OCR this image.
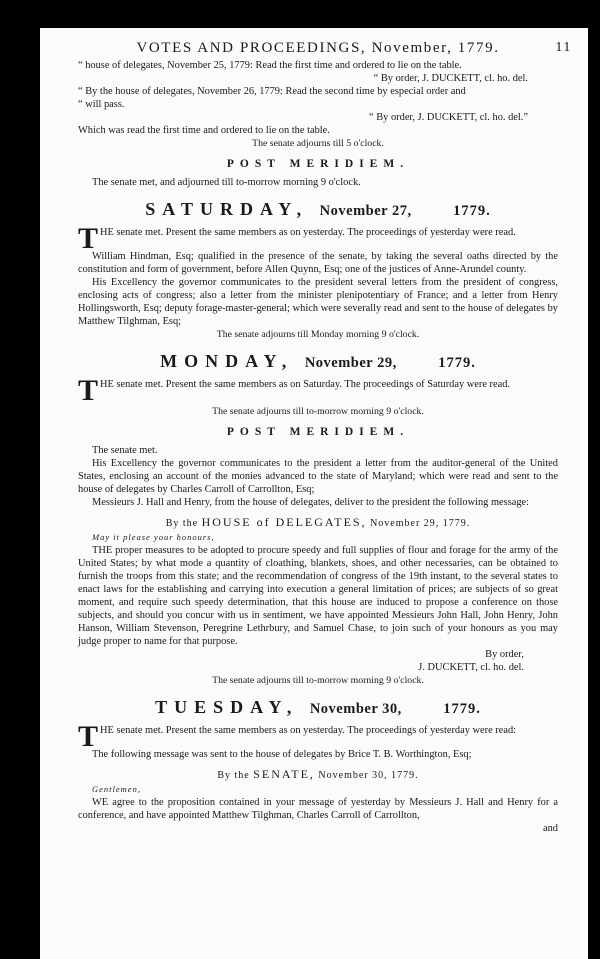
VOTES AND PROCEEDINGS, November, 1779.	11

“ house of delegates, November 25, 1779: Read the first time and ordered to lie on the table.

“ By order, J. DUCKETT, cl. ho. del.

“ By the house of delegates, November 26, 1779: Read the second time by especial order and

“ will pass.

“ By order, J. DUCKETT, cl. ho. del.”

Which was read the first time and ordered to lie on the table.

The senate adjourns till 5 o'clock.

POST MERIDIEM.

The senate met, and adjourned till to-morrow morning 9 o'clock.

SATURDAY, November 27,	1779.

THE senate met. Present the same members as on yesterday. The proceedings of yesterday were read.

William Hindman, Esq; qualified in the presence of the senate, by taking the several oaths directed by the constitution and form of government, before Allen Quynn, Esq; one of the justices of Anne-Arundel county.

His Excellency the governor communicates to the president several letters from the president of congress, enclosing acts of congress; also a letter from the minister plenipotentiary of France; and a letter from Henry Hollingsworth, Esq; deputy forage-master-general; which were severally read and sent to the house of delegates by Matthew Tilghman, Esq;

The senate adjourns till Monday morning 9 o'clock.

MONDAY, November 29,	1779.

THE senate met. Present the same members as on Saturday. The proceedings of Saturday were read.

The senate adjourns till to-morrow morning 9 o'clock.

POST MERIDIEM.

The senate met.

His Excellency the governor communicates to the president a letter from the auditor-general of the United States, enclosing an account of the monies advanced to the state of Maryland; which were read and sent to the house of delegates by Charles Carroll of Carrollton, Esq;

Messieurs J. Hall and Henry, from the house of delegates, deliver to the president the following message:

By the HOUSE of DELEGATES, November 29, 1779.

May it please your honours,

THE proper measures to be adopted to procure speedy and full supplies of flour and forage for the army of the United States; by what mode a quantity of cloathing, blankets, shoes, and other necessaries, can be obtained to furnish the troops from this state; and the recommendation of congress of the 19th instant, to the several states to enact laws for the establishing and carrying into execution a general limitation of prices; are subjects of so great moment, and require such speedy determination, that this house are induced to propose a conference on those subjects, and should you concur with us in sentiment, we have appointed Messieurs John Hall, John Henry, John Hanson, William Stevenson, Peregrine Lethrbury, and Samuel Chase, to join such of your honours as you may judge proper to name for that purpose.

By order,

J. DUCKETT, cl. ho. del.

The senate adjourns till to-morrow morning 9 o'clock.

TUESDAY, November 30,	1779.

THE senate met. Present the same members as on yesterday. The proceedings of yesterday were read:

The following message was sent to the house of delegates by Brice T. B. Worthington, Esq;

By the SENATE, November 30, 1779.

Gentlemen,

WE agree to the proposition contained in your message of yesterday by Messieurs J. Hall and Henry for a conference, and have appointed Matthew Tilghman, Charles Carroll of Carrollton,

and
